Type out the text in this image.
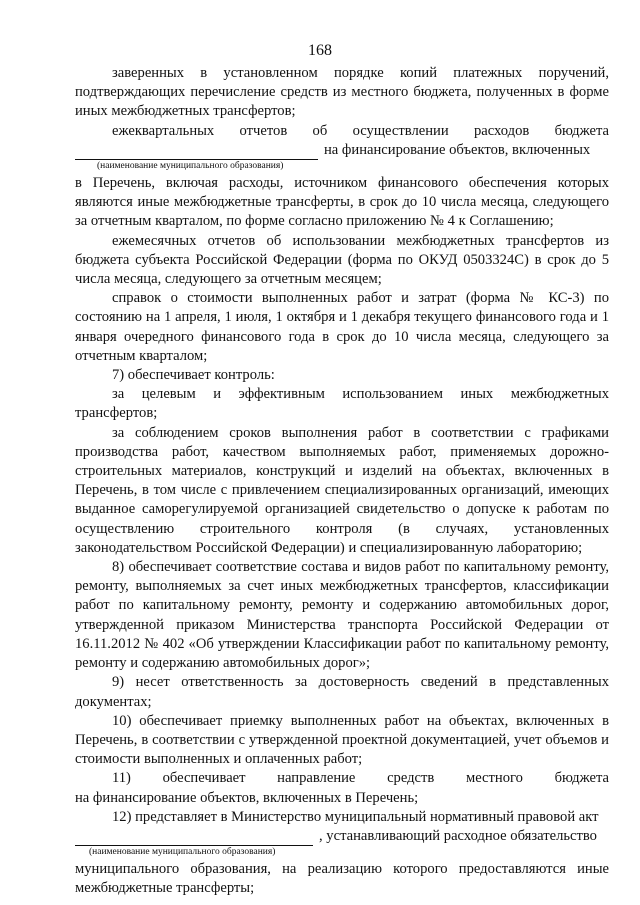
168

заверенных в установленном порядке копий платежных поручений, подтверждающих перечисление средств из местного бюджета, полученных в форме иных межбюджетных трансфертов;

ежеквартальных отчетов об осуществлении расходов бюджета

на финансирование объектов, включенных
(наименование муниципального образования)

в Перечень, включая расходы, источником финансового обеспечения которых являются иные межбюджетные трансферты, в срок до 10 числа месяца, следующего за отчетным кварталом, по форме согласно приложению № 4 к Соглашению;

ежемесячных отчетов об использовании межбюджетных трансфертов из бюджета субъекта Российской Федерации (форма по ОКУД 0503324С) в срок до 5 числа месяца, следующего за отчетным месяцем;

справок о стоимости выполненных работ и затрат (форма № КС-3) по состоянию на 1 апреля, 1 июля, 1 октября и 1 декабря текущего финансового года и 1 января очередного финансового года в срок до 10 числа месяца, следующего за отчетным кварталом;

7) обеспечивает контроль:

за целевым и эффективным использованием иных межбюджетных трансфертов;

за соблюдением сроков выполнения работ в соответствии с графиками производства работ, качеством выполняемых работ, применяемых дорожно-строительных материалов, конструкций и изделий на объектах, включенных в Перечень, в том числе с привлечением специализированных организаций, имеющих выданное саморегулируемой организацией свидетельство о допуске к работам по осуществлению строительного контроля (в случаях, установленных законодательством Российской Федерации) и специализированную лабораторию;

8) обеспечивает соответствие состава и видов работ по капитальному ремонту, ремонту, выполняемых за счет иных межбюджетных трансфертов, классификации работ по капитальному ремонту, ремонту и содержанию автомобильных дорог, утвержденной приказом Министерства транспорта Российской Федерации от 16.11.2012 № 402 «Об утверждении Классификации работ по капитальному ремонту, ремонту и содержанию автомобильных дорог»;

9) несет ответственность за достоверность сведений в представленных документах;

10) обеспечивает приемку выполненных работ на объектах, включенных в Перечень, в соответствии с утвержденной проектной документацией, учет объемов и стоимости выполненных и оплаченных работ;

11) обеспечивает направление средств местного бюджета

на финансирование объектов, включенных в Перечень;

12) представляет в Министерство муниципальный нормативный правовой акт

, устанавливающий расходное обязательство
(наименование муниципального образования)

муниципального образования, на реализацию которого предоставляются иные межбюджетные трансферты;
